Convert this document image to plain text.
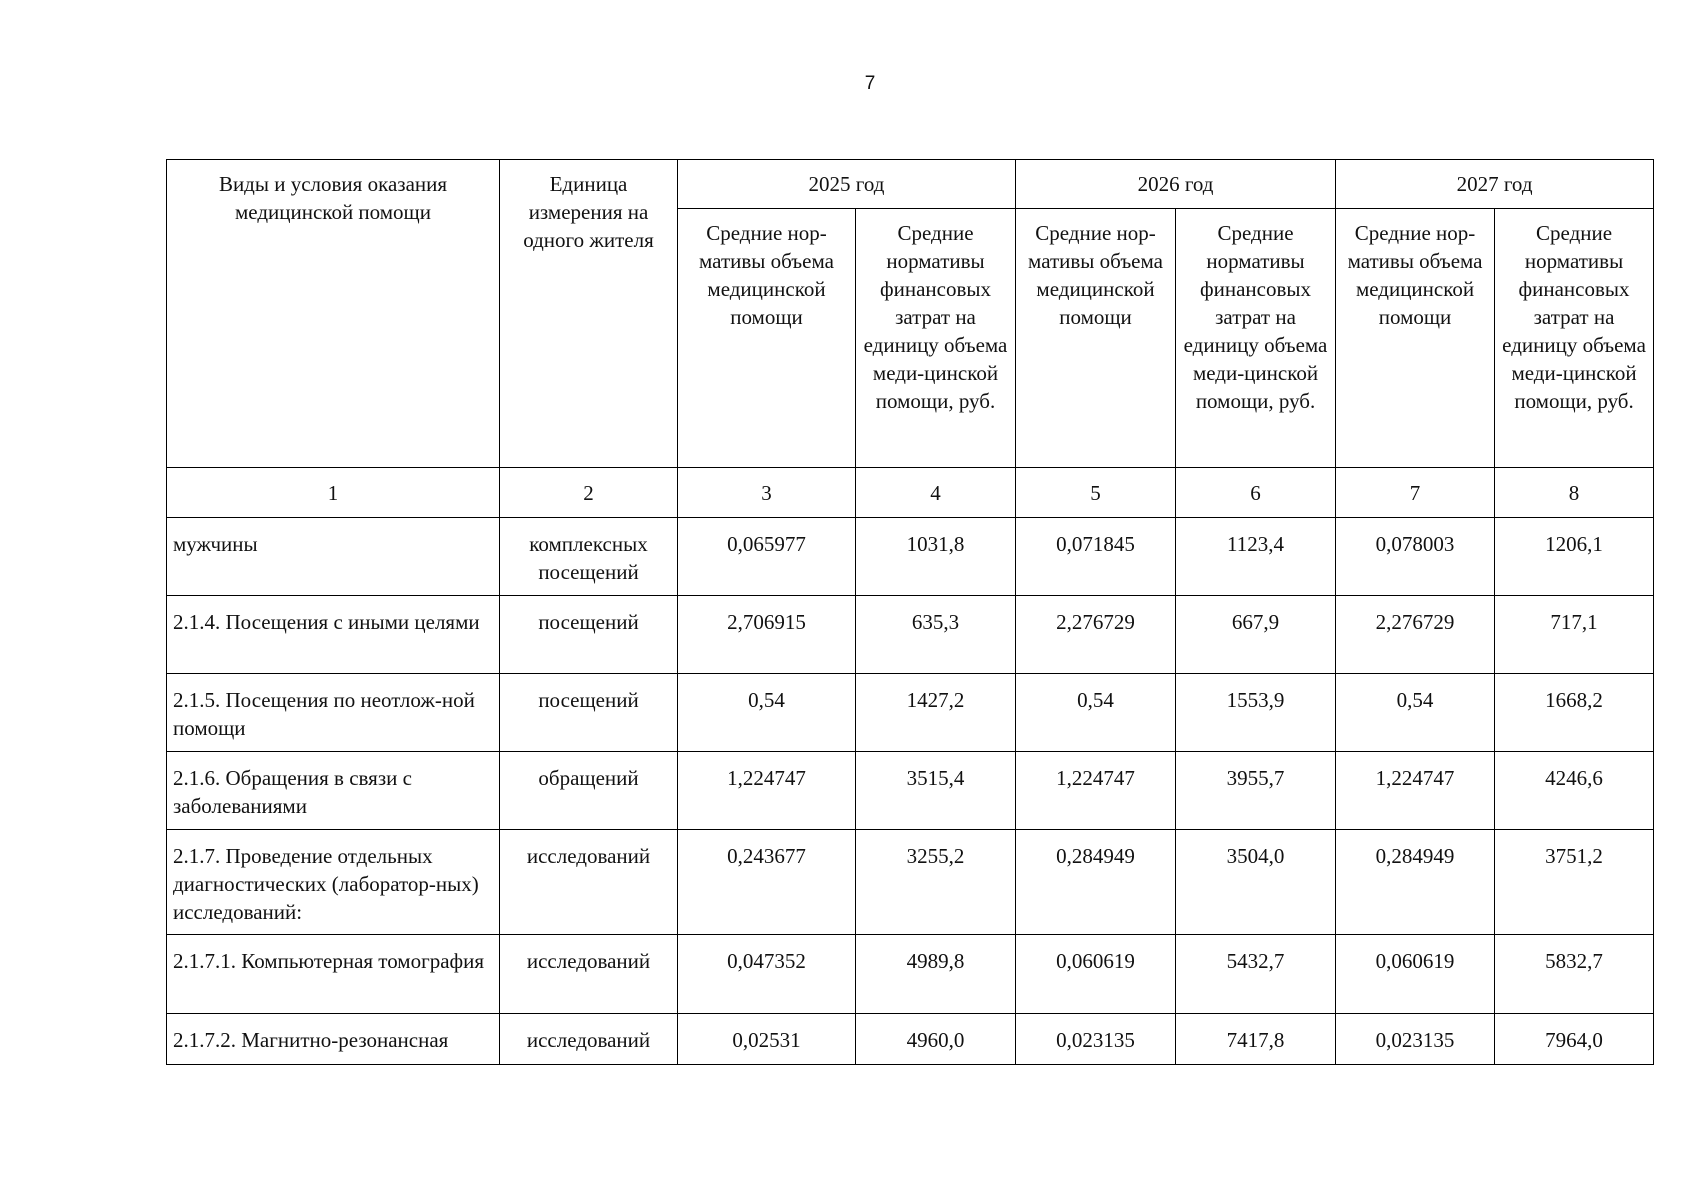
7
Виды и условия оказания медицинской помощи	Единица измерения на одного жителя	2025 год		2026 год		2027 год	
		Средние нор-мативы объема медицинской помощи	Средние нормативы финансовых затрат на единицу объема меди-цинской помощи, руб.	Средние нор-мативы объема медицинской помощи	Средние нормативы финансовых затрат на единицу объема меди-цинской помощи, руб.	Средние нор-мативы объема медицинской помощи	Средние нормативы финансовых затрат на единицу объема меди-цинской помощи, руб.
1	2	3	4	5	6	7	8
мужчины	комплексных посещений	0,065977	1031,8	0,071845	1123,4	0,078003	1206,1
2.1.4. Посещения с иными целями	посещений	2,706915	635,3	2,276729	667,9	2,276729	717,1
2.1.5. Посещения по неотлож-ной помощи	посещений	0,54	1427,2	0,54	1553,9	0,54	1668,2
2.1.6. Обращения в связи с заболеваниями	обращений	1,224747	3515,4	1,224747	3955,7	1,224747	4246,6
2.1.7. Проведение отдельных диагностических (лаборатор-ных) исследований:	исследований	0,243677	3255,2	0,284949	3504,0	0,284949	3751,2
2.1.7.1. Компьютерная томография	исследований	0,047352	4989,8	0,060619	5432,7	0,060619	5832,7
2.1.7.2. Магнитно-резонансная	исследований	0,02531	4960,0	0,023135	7417,8	0,023135	7964,0
